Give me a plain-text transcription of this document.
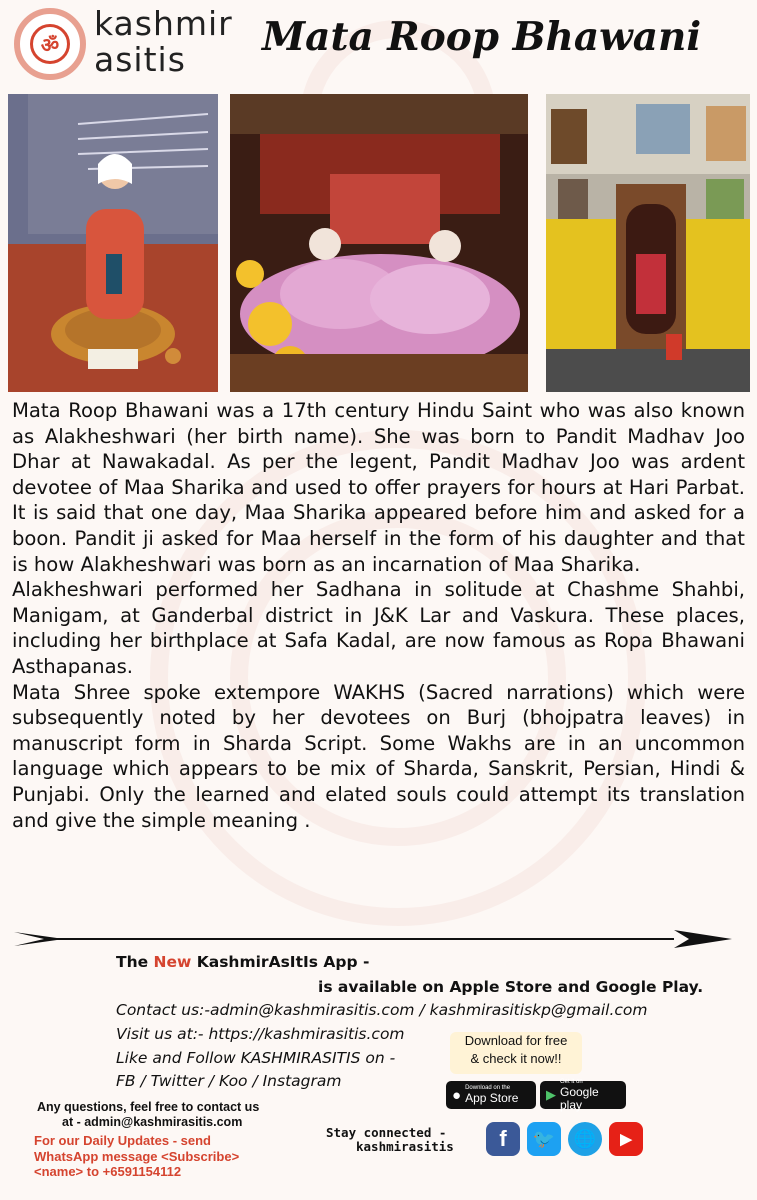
ॐ
kashmir
asitis	Mata Roop Bhawani

Mata Roop Bhawani was a 17th century Hindu Saint who was also known as Alakheshwari (her birth name). She was born to Pandit Madhav Joo Dhar at Nawakadal. As per the legent, Pandit Madhav Joo was ardent devotee of Maa Sharika and used to offer prayers for hours at Hari Parbat. It is said that one day, Maa Sharika appeared before him and asked for a boon. Pandit ji asked for Maa herself in the form of his daughter and that is how Alakheshwari was born as an incarnation of Maa Sharika.

Alakheshwari performed her Sadhana in solitude at Chashme Shahbi, Manigam, at Ganderbal district in J&K Lar and Vaskura. These places, including her birthplace at Safa Kadal, are now famous as Ropa Bhawani Asthapanas.

Mata Shree spoke extempore WAKHS (Sacred narrations) which were subsequently noted by her devotees on Burj (bhojpatra leaves) in manuscript form in Sharda Script. Some Wakhs are in an uncommon language which appears to be mix of Sharda, Sanskrit, Persian, Hindi & Punjabi. Only the learned and elated souls could attempt its translation and give the simple meaning .

The New KashmirAsItIs App -
is available on Apple Store and Google Play.
Contact us:-admin@kashmirasitis.com / kashmirasitiskp@gmail.com
Visit us at:- https://kashmirasitis.com
Like and Follow KASHMIRASITIS on -
FB / Twitter / Koo / Instagram
Download for free
& check it now!!
● Download on the
App Store ▶
Get it on
Google play
Any questions, feel free to contact us
at - admin@kashmirasitis.com
For our Daily Updates - send
WhatsApp message <Subscribe>
<name> to +6591154112
Stay connected -
kashmirasitis f 🐦 🌐 ▶
